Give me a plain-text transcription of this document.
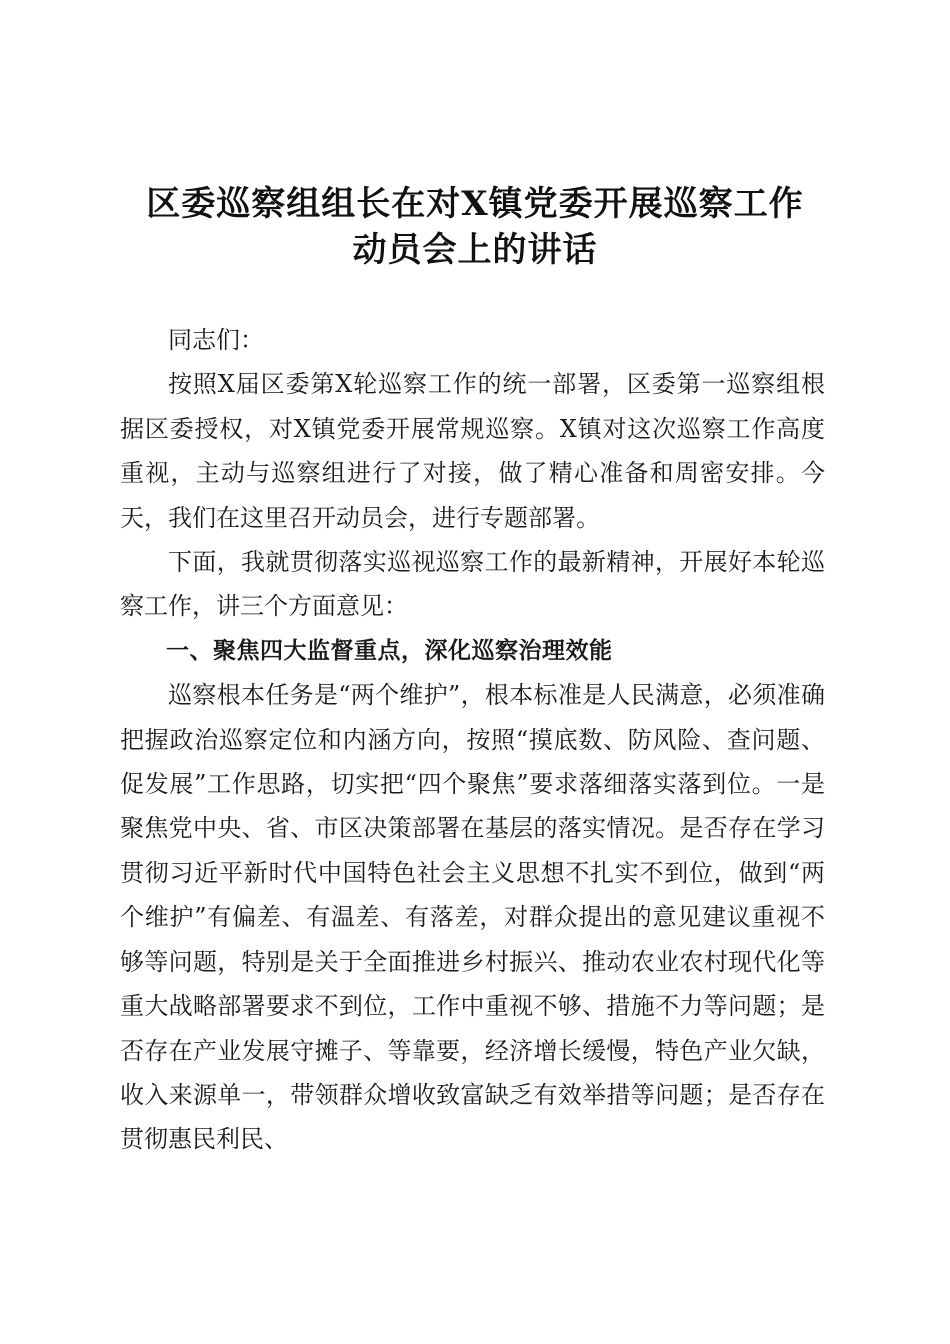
区委巡察组组长在对X镇党委开展巡察工作
动员会上的讲话

同志们：

按照X届区委第X轮巡察工作的统一部署，区委第一巡察组根据区委授权，对X镇党委开展常规巡察。X镇对这次巡察工作高度重视，主动与巡察组进行了对接，做了精心准备和周密安排。今天，我们在这里召开动员会，进行专题部署。

下面，我就贯彻落实巡视巡察工作的最新精神，开展好本轮巡察工作，讲三个方面意见：

一、聚焦四大监督重点，深化巡察治理效能

巡察根本任务是“两个维护”，根本标准是人民满意，必须准确把握政治巡察定位和内涵方向，按照“摸底数、防风险、查问题、促发展”工作思路，切实把“四个聚焦”要求落细落实落到位。一是聚焦党中央、省、市区决策部署在基层的落实情况。是否存在学习贯彻习近平新时代中国特色社会主义思想不扎实不到位，做到“两个维护”有偏差、有温差、有落差，对群众提出的意见建议重视不够等问题，特别是关于全面推进乡村振兴、推动农业农村现代化等重大战略部署要求不到位，工作中重视不够、措施不力等问题；是否存在产业发展守摊子、等靠要，经济增长缓慢，特色产业欠缺，收入来源单一，带领群众增收致富缺乏有效举措等问题；是否存在贯彻惠民利民、
